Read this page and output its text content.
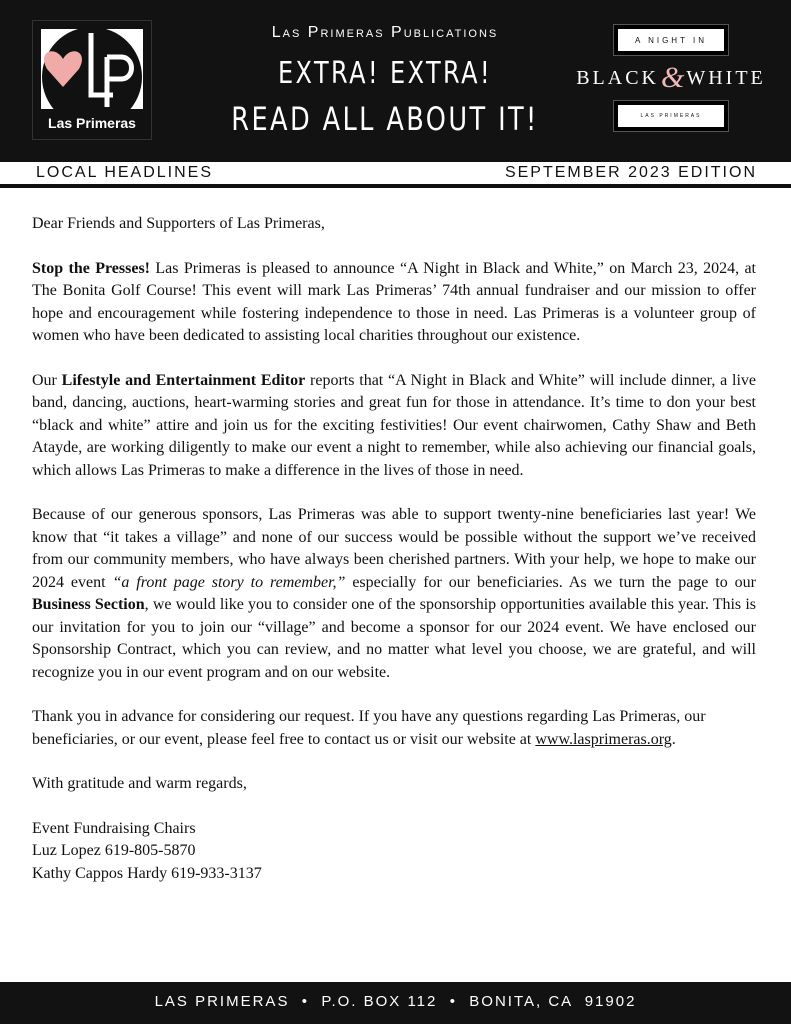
Las Primeras
Las Primeras Publications
EXTRA! EXTRA!
READ ALL ABOUT IT!
A NIGHT IN
BLACK & WHITE
LAS PRIMERAS
LOCAL HEADLINES	SEPTEMBER 2023 EDITION

Dear Friends and Supporters of Las Primeras,

Stop the Presses! Las Primeras is pleased to announce “A Night in Black and White,” on March 23, 2024, at The Bonita Golf Course! This event will mark Las Primeras’ 74th annual fundraiser and our mission to offer hope and encouragement while fostering independence to those in need. Las Primeras is a volunteer group of women who have been dedicated to assisting local charities throughout our existence.

Our Lifestyle and Entertainment Editor reports that “A Night in Black and White” will include dinner, a live band, dancing, auctions, heart-warming stories and great fun for those in attendance. It’s time to don your best “black and white” attire and join us for the exciting festivities! Our event chairwomen, Cathy Shaw and Beth Atayde, are working diligently to make our event a night to remember, while also achieving our financial goals, which allows Las Primeras to make a difference in the lives of those in need.

Because of our generous sponsors, Las Primeras was able to support twenty-nine beneficiaries last year! We know that “it takes a village” and none of our success would be possible without the support we’ve received from our community members, who have always been cherished partners. With your help, we hope to make our 2024 event “a front page story to remember,” especially for our beneficiaries. As we turn the page to our Business Section, we would like you to consider one of the sponsorship opportunities available this year. This is our invitation for you to join our “village” and become a sponsor for our 2024 event. We have enclosed our Sponsorship Contract, which you can review, and no matter what level you choose, we are grateful, and will recognize you in our event program and on our website.

Thank you in advance for considering our request. If you have any questions regarding Las Primeras, our beneficiaries, or our event, please feel free to contact us or visit our website at www.lasprimeras.org.

With gratitude and warm regards,

Event Fundraising Chairs

Luz Lopez 619-805-5870

Kathy Cappos Hardy 619-933-3137

LAS PRIMERAS  •  P.O. BOX 112  •  BONITA, CA  91902
